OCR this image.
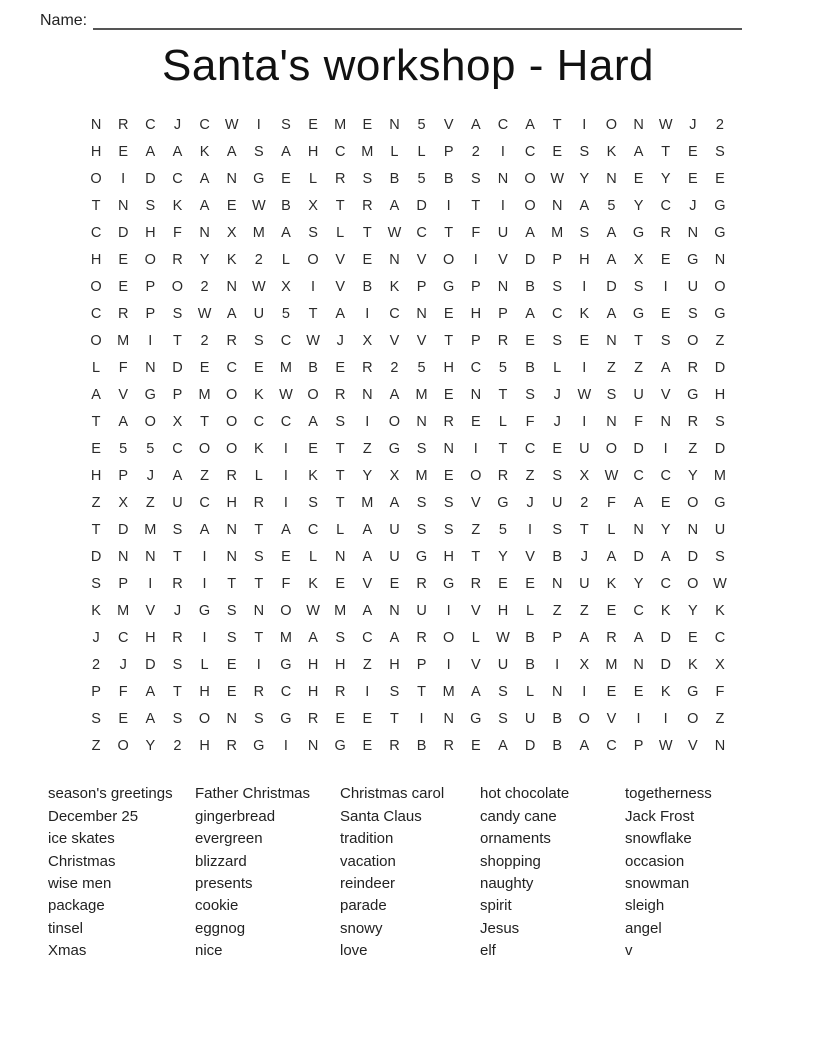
Name:
Santa's workshop - Hard
N	R	C	J	C	W	I	S	E	M	E	N	5	V	A	C	A	T	I	O	N	W	J	2
H	E	A	A	K	A	S	A	H	C	M	L	L	P	2	I	C	E	S	K	A	T	E	S
O	I	D	C	A	N	G	E	L	R	S	B	5	B	S	N	O	W	Y	N	E	Y	E	E
T	N	S	K	A	E	W	B	X	T	R	A	D	I	T	I	O	N	A	5	Y	C	J	G
C	D	H	F	N	X	M	A	S	L	T	W	C	T	F	U	A	M	S	A	G	R	N	G
H	E	O	R	Y	K	2	L	O	V	E	N	V	O	I	V	D	P	H	A	X	E	G	N
O	E	P	O	2	N	W	X	I	V	B	K	P	G	P	N	B	S	I	D	S	I	U	O
C	R	P	S	W	A	U	5	T	A	I	C	N	E	H	P	A	C	K	A	G	E	S	G
O	M	I	T	2	R	S	C	W	J	X	V	V	T	P	R	E	S	E	N	T	S	O	Z
L	F	N	D	E	C	E	M	B	E	R	2	5	H	C	5	B	L	I	Z	Z	A	R	D
A	V	G	P	M	O	K	W	O	R	N	A	M	E	N	T	S	J	W	S	U	V	G	H
T	A	O	X	T	O	C	C	A	S	I	O	N	R	E	L	F	J	I	N	F	N	R	S
E	5	5	C	O	O	K	I	E	T	Z	G	S	N	I	T	C	E	U	O	D	I	Z	D
H	P	J	A	Z	R	L	I	K	T	Y	X	M	E	O	R	Z	S	X	W	C	C	Y	M
Z	X	Z	U	C	H	R	I	S	T	M	A	S	S	V	G	J	U	2	F	A	E	O	G
T	D	M	S	A	N	T	A	C	L	A	U	S	S	Z	5	I	S	T	L	N	Y	N	U
D	N	N	T	I	N	S	E	L	N	A	U	G	H	T	Y	V	B	J	A	D	A	D	S
S	P	I	R	I	T	T	F	K	E	V	E	R	G	R	E	E	N	U	K	Y	C	O	W
K	M	V	J	G	S	N	O	W M	A	N	U	I	V	H	L	Z	Z	E	C	K	Y	K
J	C	H	R	I	S	T	M	A	S	C	A	R	O	L	W	B	P	A	R	A	D	E	C
2	J	D	S	L	E	I	G	H	H	Z	H	P	I	V	U	B	I	X	M	N	D	K	X
P	F	A	T	H	E	R	C	H	R	I	S	T	M	A	S	L	N	I	E	E	K	G	F
S	E	A	S	O	N	S	G	R	E	E	T	I	N	G	S	U	B	O	V	I	I	O	Z
Z	O	Y	2	H	R	G	I	N	G	E	R	B	R	E	A	D	B	A	C	P	W	V	N
season's greetings
December 25
ice skates
Christmas
wise men
package
tinsel
Xmas
Father Christmas
gingerbread
evergreen
blizzard
presents
cookie
eggnog
nice
Christmas carol
Santa Claus
tradition
vacation
reindeer
parade
snowy
love
hot chocolate
candy cane
ornaments
shopping
naughty
spirit
Jesus
elf
togetherness
Jack Frost
snowflake
occasion
snowman
sleigh
angel
v
